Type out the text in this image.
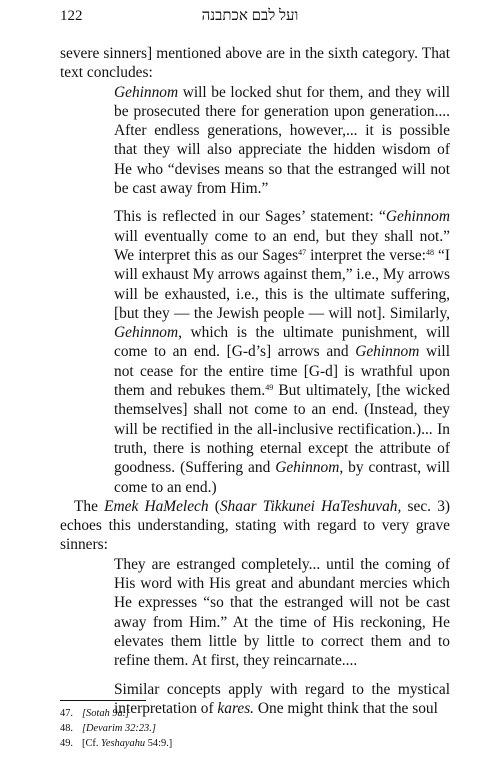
122	ועל לבם אכתבנה

severe sinners] mentioned above are in the sixth category. That text concludes:

Gehinnom will be locked shut for them, and they will be prosecuted there for generation upon generation.... After endless generations, however,... it is possible that they will also appreciate the hidden wisdom of He who “devises means so that the estranged will not be cast away from Him.”

This is reflected in our Sages’ statement: “Gehinnom will eventually come to an end, but they shall not.” We interpret this as our Sages$^{47}$ interpret the verse:$^{48}$ “I will exhaust My arrows against them,” i.e., My arrows will be exhausted, i.e., this is the ultimate suffering, [but they — the Jewish people — will not]. Similarly, Gehinnom, which is the ultimate punishment, will come to an end. [G-d’s] arrows and Gehinnom will not cease for the entire time [G-d] is wrathful upon them and rebukes them.$^{49}$ But ultimately, [the wicked themselves] shall not come to an end. (Instead, they will be rectified in the all-inclusive rectification.)... In truth, there is nothing eternal except the attribute of goodness. (Suffering and Gehinnom, by contrast, will come to an end.)

The Emek HaMelech (Shaar Tikkunei HaTeshuvah, sec. 3) echoes this understanding, stating with regard to very grave sinners:

They are estranged completely... until the coming of His word with His great and abundant mercies which He expresses “so that the estranged will not be cast away from Him.” At the time of His reckoning, He elevates them little by little to correct them and to refine them. At first, they reincarnate....

Similar concepts apply with regard to the mystical interpretation of kares. One might think that the soul

47. [Sotah 9a.]
48. [Devarim 32:23.]
49. [Cf. Yeshayahu 54:9.]
